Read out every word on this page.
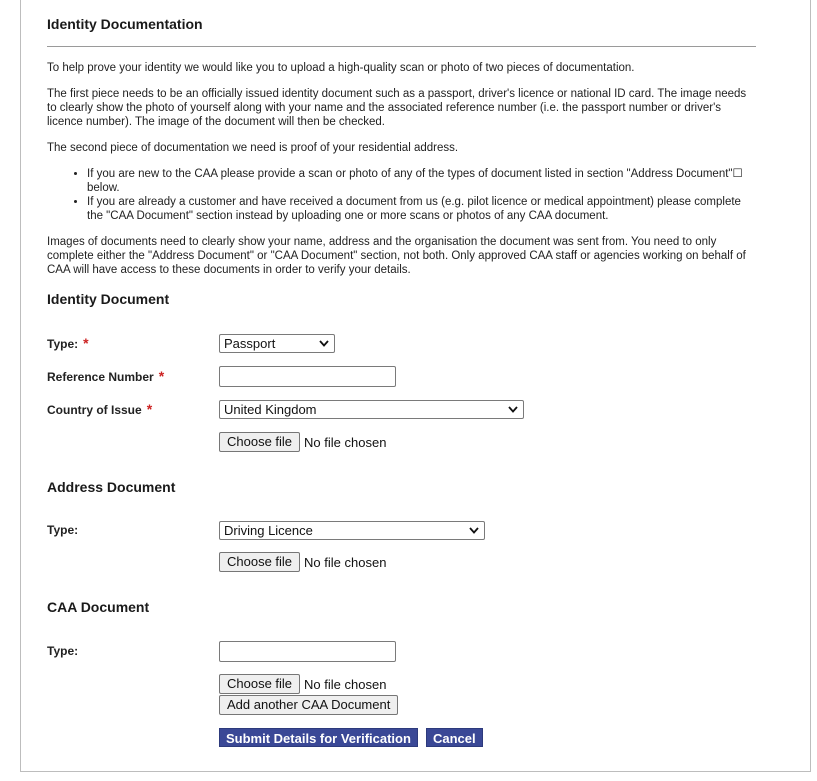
Identity Documentation
To help prove your identity we would like you to upload a high-quality scan or photo of two pieces of documentation.
The first piece needs to be an officially issued identity document such as a passport, driver's licence or national ID card. The image needs to clearly show the photo of yourself along with your name and the associated reference number (i.e. the passport number or driver's licence number). The image of the document will then be checked.
The second piece of documentation we need is proof of your residential address.
• If you are new to the CAA please provide a scan or photo of any of the types of document listed in section "Address Document"☐ below.
• If you are already a customer and have received a document from us (e.g. pilot licence or medical appointment) please complete the "CAA Document" section instead by uploading one or more scans or photos of any CAA document.
Images of documents need to clearly show your name, address and the organisation the document was sent from. You need to only complete either the "Address Document" or "CAA Document" section, not both. Only approved CAA staff or agencies working on behalf of CAA will have access to these documents in order to verify your details.
Identity Document
Type: *	Passport
Reference Number *
Country of Issue *	United Kingdom
Choose file No file chosen
Address Document
Type:	Driving Licence
Choose file No file chosen
CAA Document
Type:
Choose file No file chosen
Add another CAA Document
Submit Details for Verification	Cancel
